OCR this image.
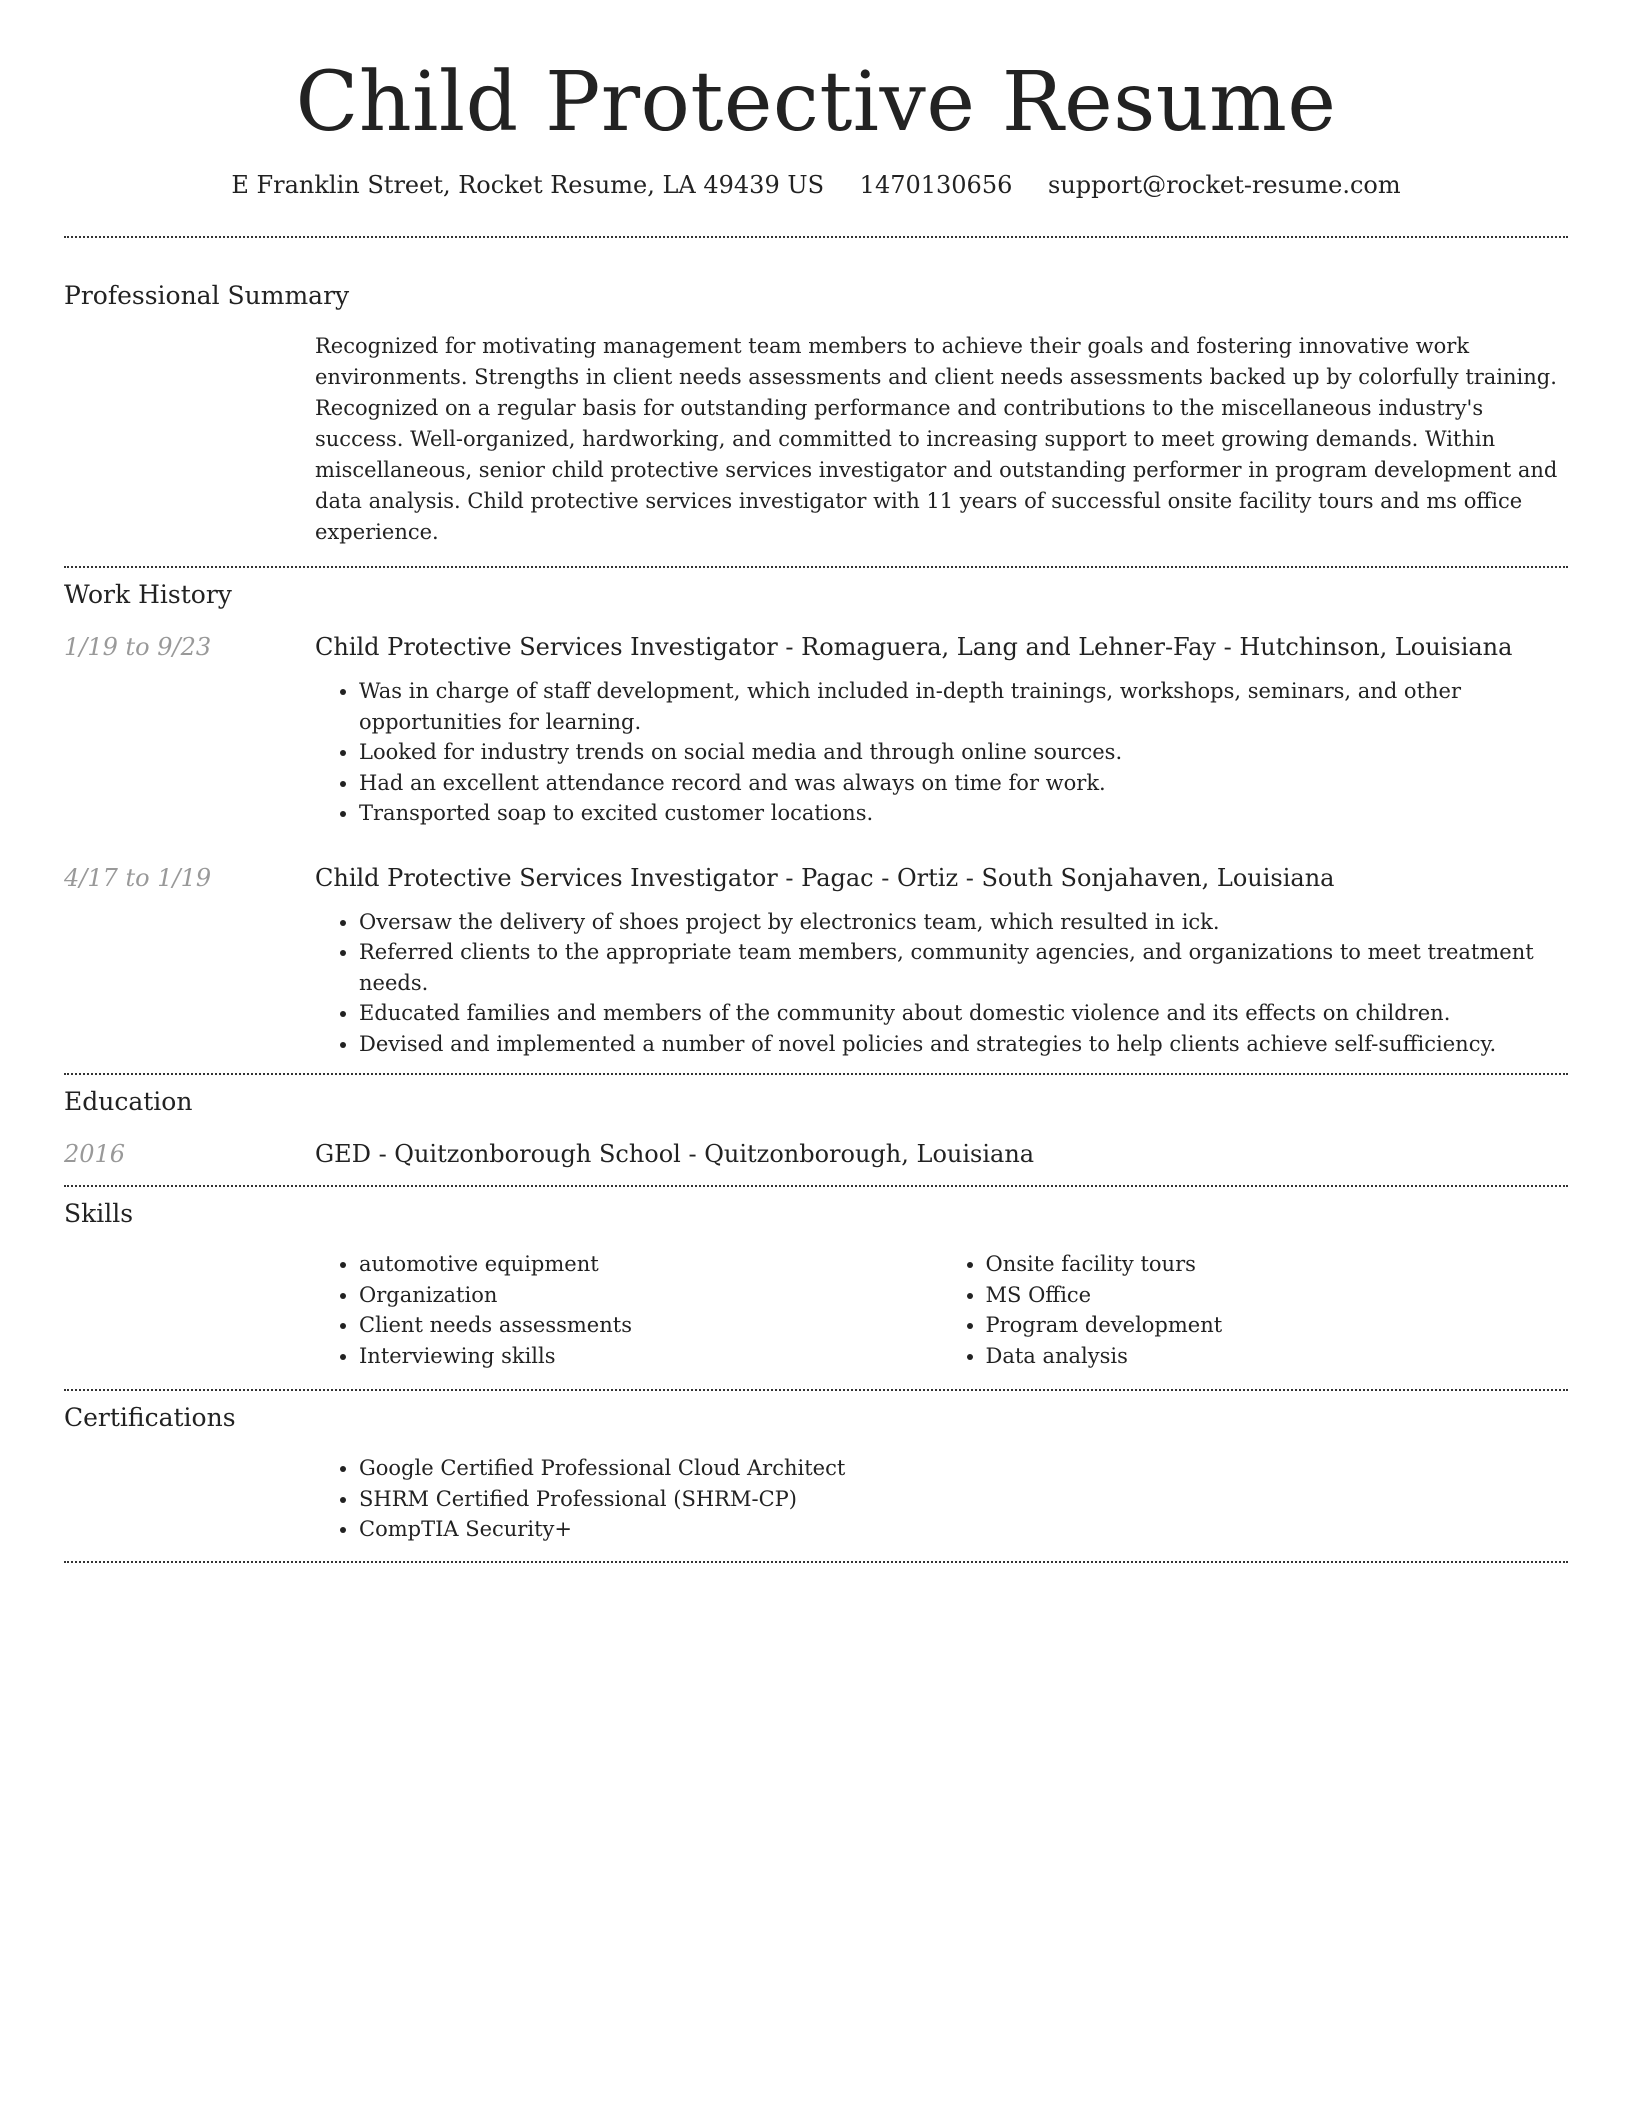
Child Protective Resume
E Franklin Street, Rocket Resume, LA 49439 US 1470130656 support@rocket-resume.com
Professional Summary

Recognized for motivating management team members to achieve their goals and fostering innovative work environments. Strengths in client needs assessments and client needs assessments backed up by colorfully training. Recognized on a regular basis for outstanding performance and contributions to the miscellaneous industry's success. Well-organized, hardworking, and committed to increasing support to meet growing demands. Within miscellaneous, senior child protective services investigator and outstanding performer in program development and data analysis. Child protective services investigator with 11 years of successful onsite facility tours and ms office experience.

Work History
1/19 to 9/23	Child Protective Services Investigator - Romaguera, Lang and Lehner-Fay - Hutchinson, Louisiana
• Was in charge of staff development, which included in-depth trainings, workshops, seminars, and other opportunities for learning.
• Looked for industry trends on social media and through online sources.
• Had an excellent attendance record and was always on time for work.
• Transported soap to excited customer locations.
4/17 to 1/19	Child Protective Services Investigator - Pagac - Ortiz - South Sonjahaven, Louisiana
• Oversaw the delivery of shoes project by electronics team, which resulted in ick.
• Referred clients to the appropriate team members, community agencies, and organizations to meet treatment needs.
• Educated families and members of the community about domestic violence and its effects on children.
• Devised and implemented a number of novel policies and strategies to help clients achieve self-sufficiency.
Education
2016	GED - Quitzonborough School - Quitzonborough, Louisiana
Skills
• automotive equipment
• Organization
• Client needs assessments
• Interviewing skills
• Onsite facility tours
• MS Office
• Program development
• Data analysis
Certifications
• Google Certified Professional Cloud Architect
• SHRM Certified Professional (SHRM-CP)
• CompTIA Security+
